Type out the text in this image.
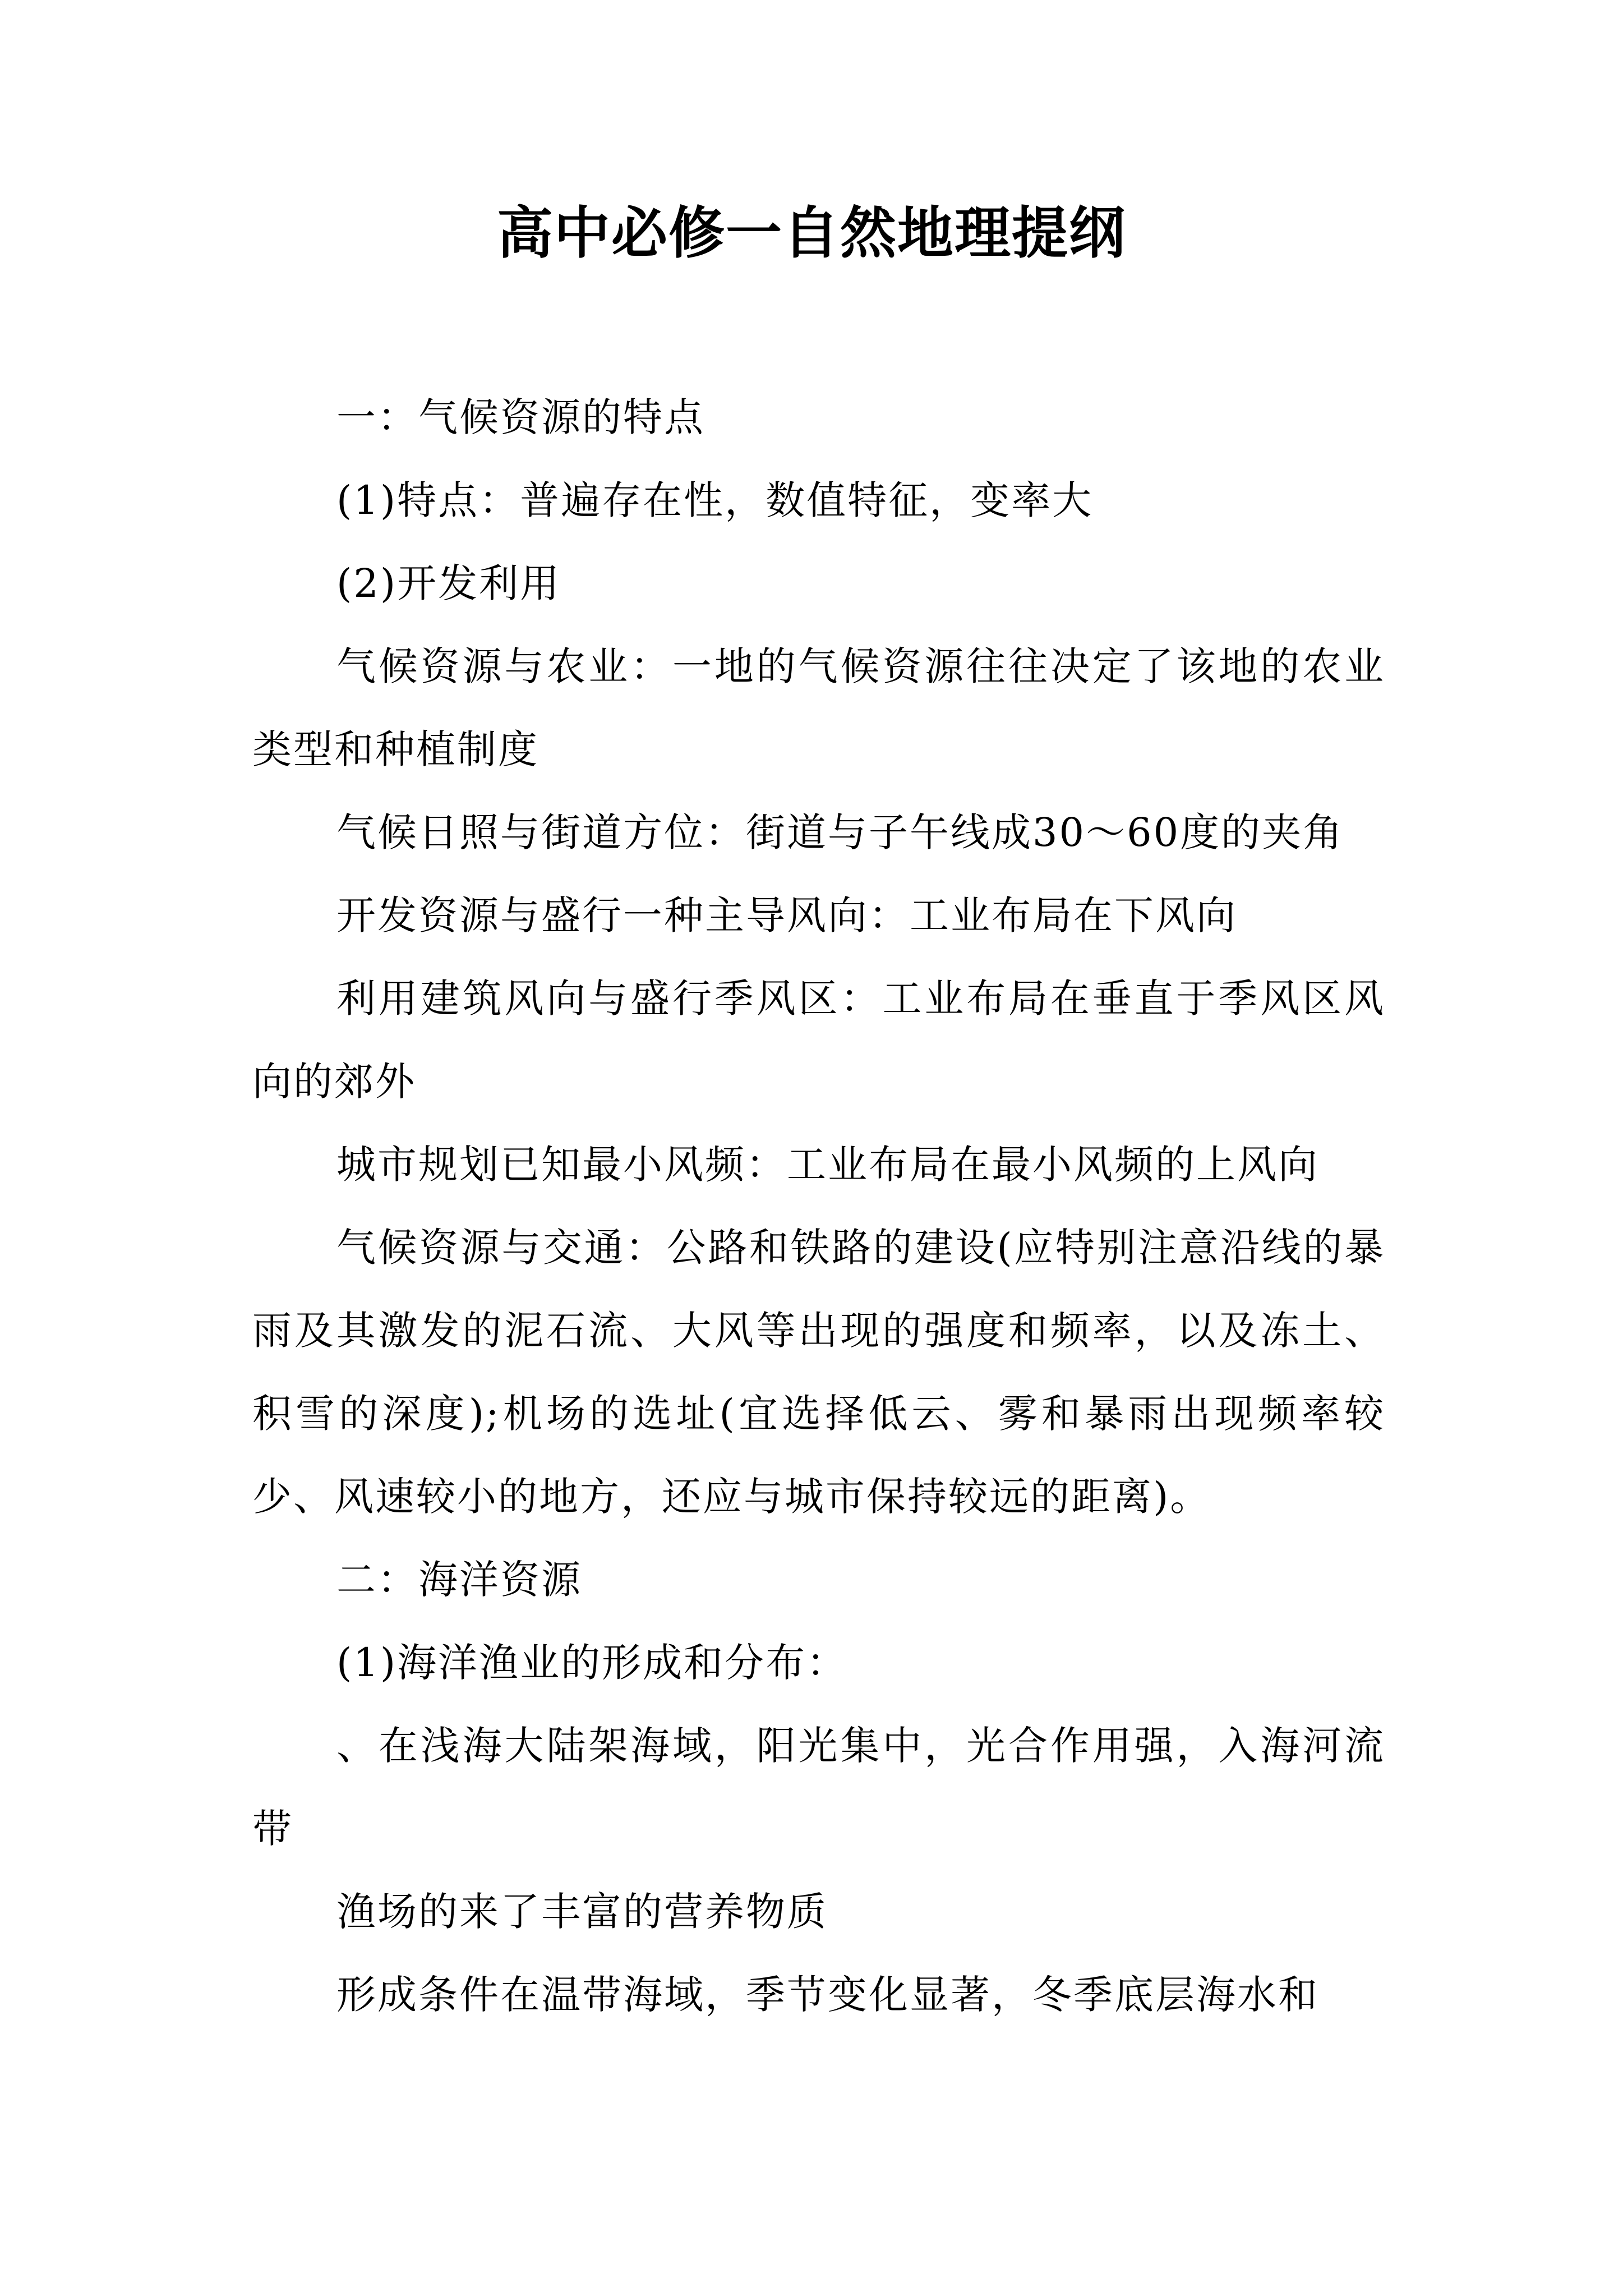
高中必修一自然地理提纲

一：气候资源的特点

(1)特点：普遍存在性，数值特征，变率大

(2)开发利用

气候资源与农业：一地的气候资源往往决定了该地的农业类型和种植制度

气候日照与街道方位：街道与子午线成30～60度的夹角

开发资源与盛行一种主导风向：工业布局在下风向

利用建筑风向与盛行季风区：工业布局在垂直于季风区风向的郊外

城市规划已知最小风频：工业布局在最小风频的上风向

气候资源与交通：公路和铁路的建设(应特别注意沿线的暴雨及其激发的泥石流、大风等出现的强度和频率，以及冻土、积雪的深度);机场的选址(宜选择低云、雾和暴雨出现频率较少、风速较小的地方，还应与城市保持较远的距离)。

二：海洋资源

(1)海洋渔业的形成和分布：

、在浅海大陆架海域，阳光集中，光合作用强，入海河流带

渔场的来了丰富的营养物质

形成条件在温带海域，季节变化显著，冬季底层海水和
